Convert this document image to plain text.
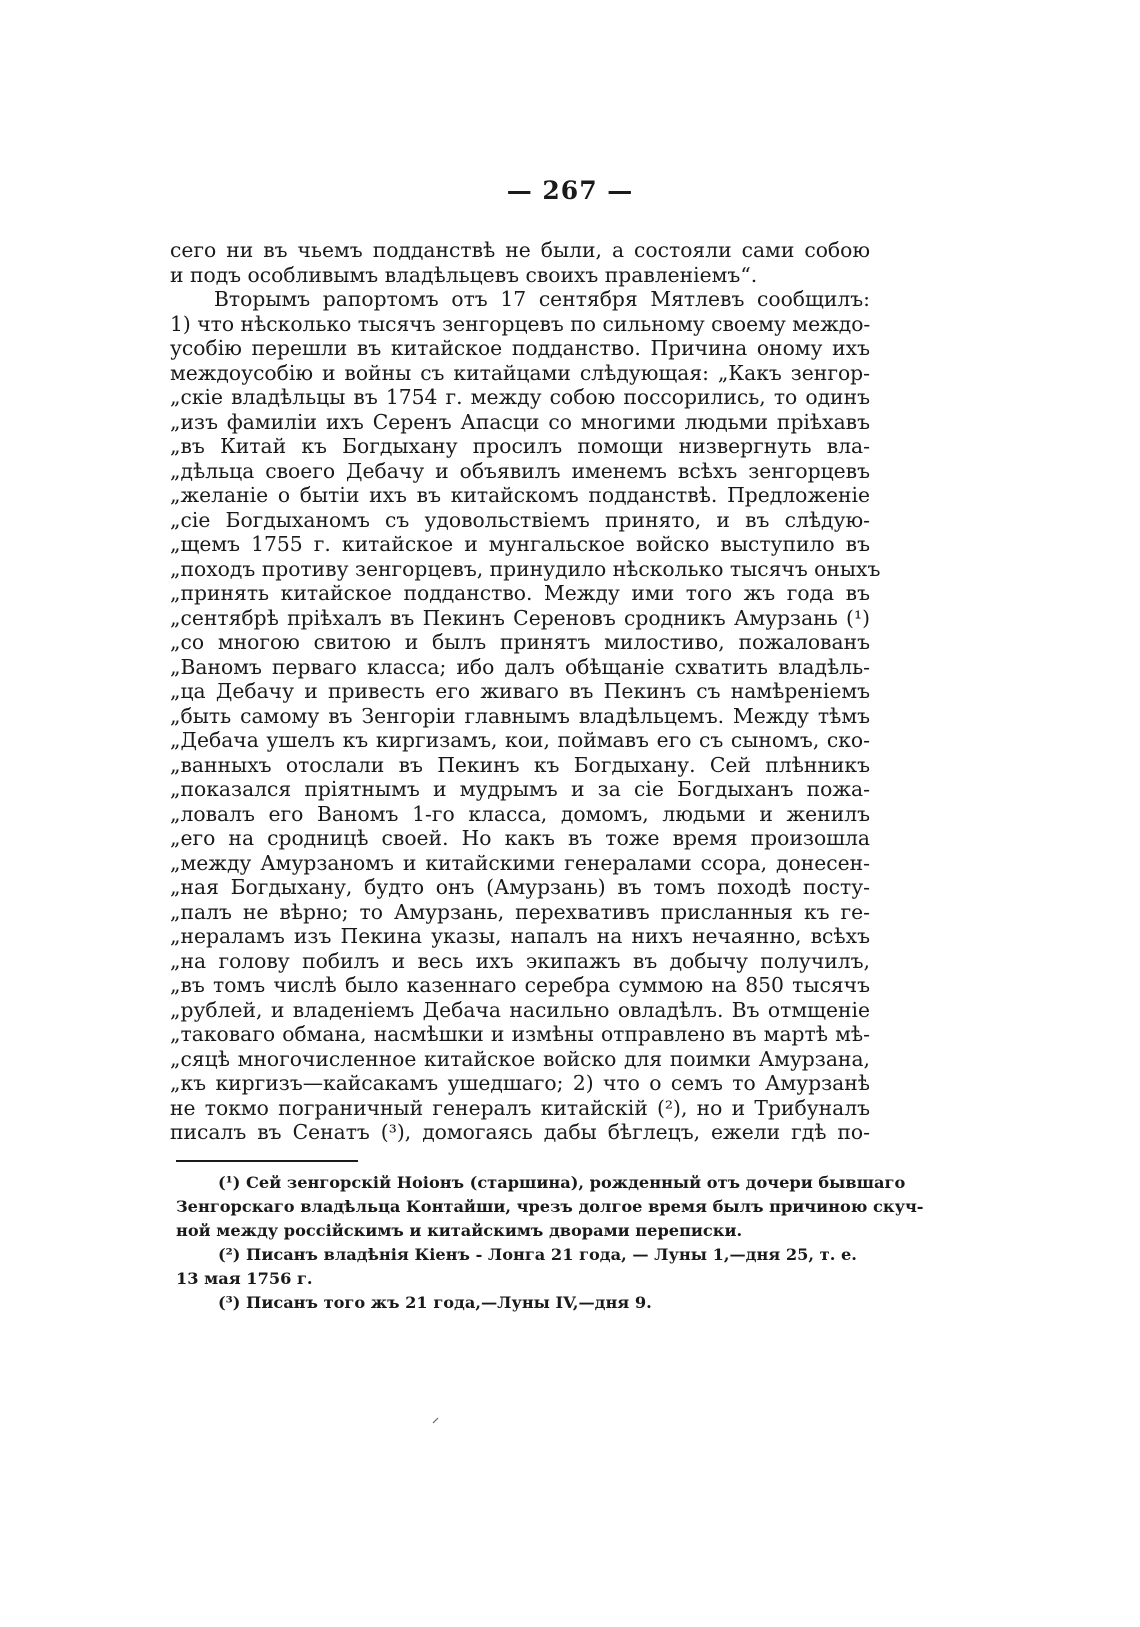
— 267 —
сего ни въ чьемъ подданствѣ не были, а состояли сами собою
и подъ особливымъ владѣльцевъ своихъ правленіемъ“.
Вторымъ рапортомъ отъ 17 сентября Мятлевъ сообщилъ:
1) что нѣсколько тысячъ зенгорцевъ по сильному своему междо-
усобію перешли въ китайское подданство. Причина оному ихъ
междоусобію и войны съ китайцами слѣдующая: „Какъ зенгор-
„скіе владѣльцы въ 1754 г. между собою поссорились, то одинъ
„изъ фамиліи ихъ Серенъ Апасци со многими людьми пріѣхавъ
„въ Китай къ Богдыхану просилъ помощи низвергнуть вла-
„дѣльца своего Дебачу и объявилъ именемъ всѣхъ зенгорцевъ
„желаніе о бытіи ихъ въ китайскомъ подданствѣ. Предложеніе
„сіе Богдыханомъ съ удовольствіемъ принято, и въ слѣдую-
„щемъ 1755 г. китайское и мунгальское войско выступило въ
„походъ противу зенгорцевъ, принудило нѣсколько тысячъ оныхъ
„принять китайское подданство. Между ими того жъ года въ
„сентябрѣ пріѣхалъ въ Пекинъ Сереновъ сродникъ Амурзань (¹)
„со многою свитою и былъ принятъ милостиво, пожалованъ
„Ваномъ перваго класса; ибо далъ обѣщаніе схватить владѣль-
„ца Дебачу и привесть его живаго въ Пекинъ съ намѣреніемъ
„быть самому въ Зенгоріи главнымъ владѣльцемъ. Между тѣмъ
„Дебача ушелъ къ киргизамъ, кои, поймавъ его съ сыномъ, ско-
„ванныхъ отослали въ Пекинъ къ Богдыхану. Сей плѣнникъ
„показался пріятнымъ и мудрымъ и за сіе Богдыханъ пожа-
„ловалъ его Ваномъ 1-го класса, домомъ, людьми и женилъ
„его на сродницѣ своей. Но какъ въ тоже время произошла
„между Амурзаномъ и китайскими генералами ссора, донесен-
„ная Богдыхану, будто онъ (Амурзань) въ томъ походѣ посту-
„палъ не вѣрно; то Амурзань, перехвативъ присланныя къ ге-
„нераламъ изъ Пекина указы, напалъ на нихъ нечаянно, всѣхъ
„на голову побилъ и весь ихъ экипажъ въ добычу получилъ,
„въ томъ числѣ было казеннаго серебра суммою на 850 тысячъ
„рублей, и владеніемъ Дебача насильно овладѣлъ. Въ отмщеніе
„таковаго обмана, насмѣшки и измѣны отправлено въ мартѣ мѣ-
„сяцѣ многочисленное китайское войско для поимки Амурзана,
„къ киргизъ—кайсакамъ ушедшаго; 2) что о семъ то Амурзанѣ
не токмо пограничный генералъ китайскій (²), но и Трибуналъ
писалъ въ Сенатъ (³), домогаясь дабы бѣглецъ, ежели гдѣ по-
(¹) Сей зенгорскій Ноіонъ (старшина), рожденный отъ дочери бывшаго
Зенгорскаго владѣльца Контайши, чрезъ долгое время былъ причиною скуч-
ной между россійскимъ и китайскимъ дворами переписки.
(²) Писанъ владѣнія Кіенъ - Лонга 21 года, — Луны 1,—дня 25, т. е.
13 мая 1756 г.
(³) Писанъ того жъ 21 года,—Луны IV,—дня 9.
